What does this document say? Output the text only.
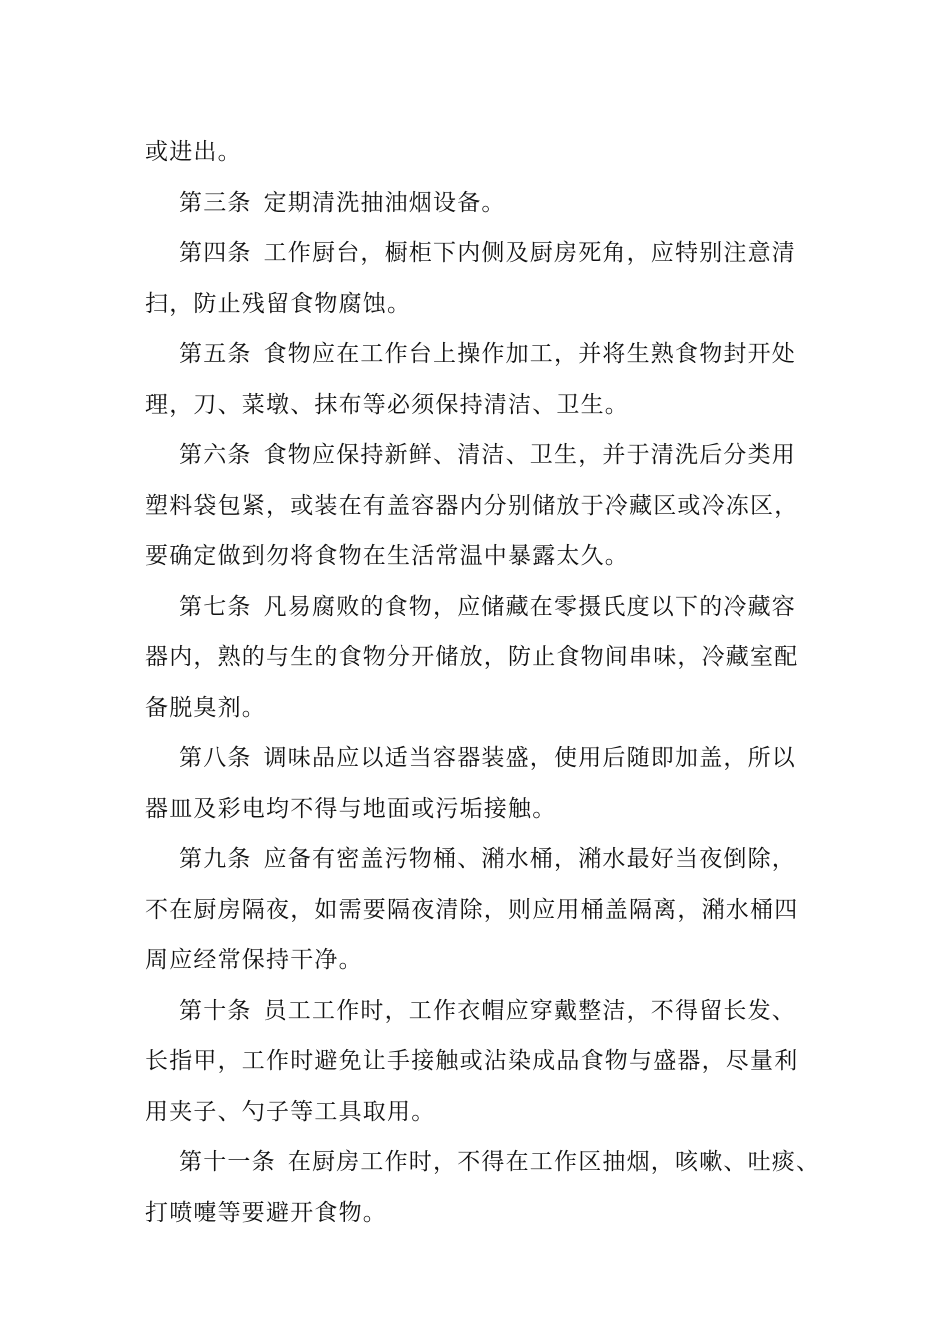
或进出。
第三条 定期清洗抽油烟设备。
第四条 工作厨台，橱柜下内侧及厨房死角，应特别注意清
扫，防止残留食物腐蚀。
第五条 食物应在工作台上操作加工，并将生熟食物封开处
理，刀、菜墩、抹布等必须保持清洁、卫生。
第六条 食物应保持新鲜、清洁、卫生，并于清洗后分类用
塑料袋包紧，或装在有盖容器内分别储放于冷藏区或冷冻区，
要确定做到勿将食物在生活常温中暴露太久。
第七条 凡易腐败的食物，应储藏在零摄氏度以下的冷藏容
器内，熟的与生的食物分开储放，防止食物间串味，冷藏室配
备脱臭剂。
第八条 调味品应以适当容器装盛，使用后随即加盖，所以
器皿及彩电均不得与地面或污垢接触。
第九条 应备有密盖污物桶、潲水桶，潲水最好当夜倒除，
不在厨房隔夜，如需要隔夜清除，则应用桶盖隔离，潲水桶四
周应经常保持干净。
第十条 员工工作时，工作衣帽应穿戴整洁，不得留长发、
长指甲，工作时避免让手接触或沾染成品食物与盛器，尽量利
用夹子、勺子等工具取用。
第十一条 在厨房工作时，不得在工作区抽烟，咳嗽、吐痰、
打喷嚏等要避开食物。
